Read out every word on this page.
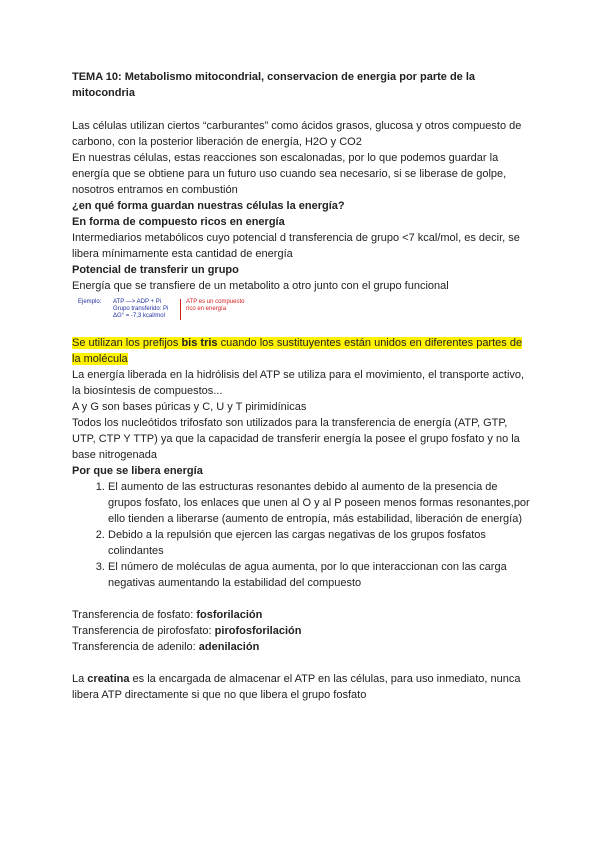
TEMA 10: Metabolismo mitocondrial, conservacion de energia por parte de la mitocondria

Las células utilizan ciertos “carburantes” como ácidos grasos, glucosa y otros compuesto de carbono, con la posterior liberación de energía, H2O y CO2

En nuestras células, estas reacciones son escalonadas, por lo que podemos guardar la energía que se obtiene para un futuro uso cuando sea necesario, si se liberase de golpe, nosotros entramos en combustión

¿en qué forma guardan nuestras células la energía?

En forma de compuesto ricos en energía

Intermediarios metabólicos cuyo potencial d transferencia de grupo <7 kcal/mol, es decir, se libera mínimamente esta cantidad de energía

Potencial de transferir un grupo

Energía que se transfiere de un metabolito a otro junto con el grupo funcional

Ejemplo: ATP —> ADP + Pi
Grupo transferido: Pi
ΔG° = -7,3 kcal/mol
ATP es un compuesto
rico en energía

Se utilizan los prefijos bis tris cuando los sustituyentes están unidos en diferentes partes de la molécula

La energía liberada en la hidrólisis del ATP se utiliza para el movimiento, el transporte activo, la biosíntesis de compuestos...

A y G son bases púricas y C, U y T pirimidínicas

Todos los nucleótidos trifosfato son utilizados para la transferencia de energía (ATP, GTP, UTP, CTP Y TTP) ya que la capacidad de transferir energía la posee el grupo fosfato y no la base nitrogenada

Por que se libera energía

1. El aumento de las estructuras resonantes debido al aumento de la presencia de grupos fosfato, los enlaces que unen al O y al P poseen menos formas resonantes,por ello tienden a liberarse (aumento de entropía, más estabilidad, liberación de energía)
2. Debido a la repulsión que ejercen las cargas negativas de los grupos fosfatos colindantes
3. El número de moléculas de agua aumenta, por lo que interaccionan con las carga negativas aumentando la estabilidad del compuesto

Transferencia de fosfato: fosforilación

Transferencia de pirofosfato: pirofosforilación

Transferencia de adenilo: adenilación

La creatina es la encargada de almacenar el ATP en las células, para uso inmediato, nunca libera ATP directamente si que no que libera el grupo fosfato
